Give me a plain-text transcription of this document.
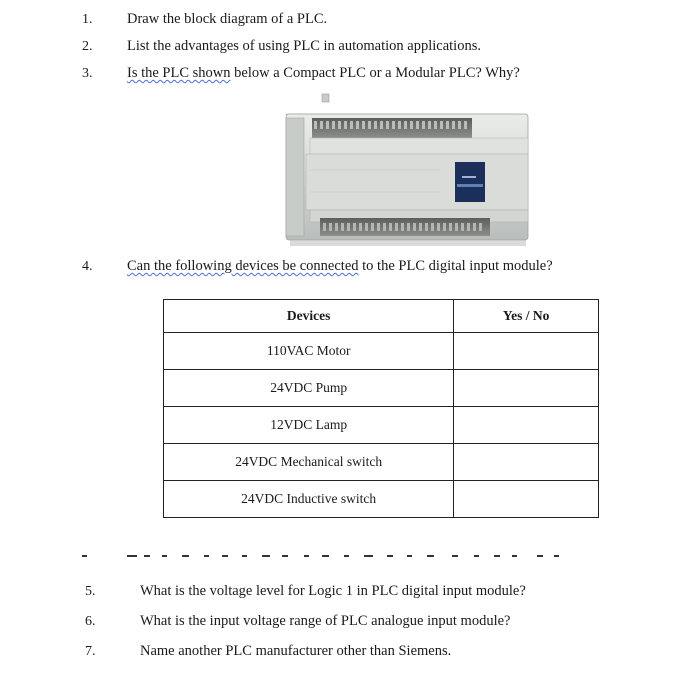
1. Draw the block diagram of a PLC.
2. List the advantages of using PLC in automation applications.
3. Is the PLC shown below a Compact PLC or a Modular PLC? Why?
4. Can the following devices be connected to the PLC digital input module?
Devices	Yes / No
110VAC Motor	
24VDC Pump	
12VDC Lamp	
24VDC Mechanical switch	
24VDC Inductive switch	
5.	What is the voltage level for Logic 1 in PLC digital input module?
6.	What is the input voltage range of PLC analogue input module?
7.	Name another PLC manufacturer other than Siemens.
